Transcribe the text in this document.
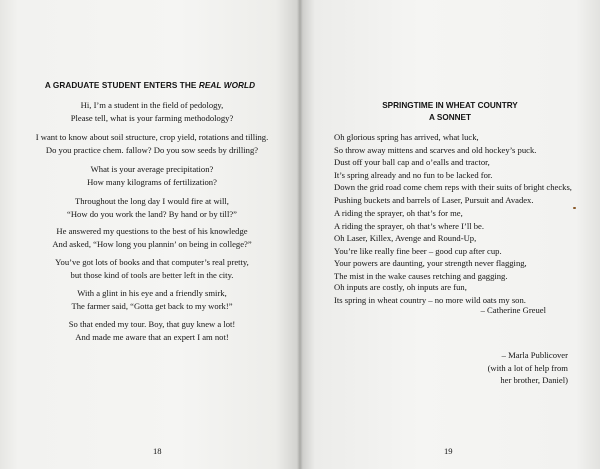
A GRADUATE STUDENT ENTERS THE REAL WORLD
Hi, I’m a student in the field of pedology,
Please tell, what is your farming methodology?
I want to know about soil structure, crop yield, rotations and tilling.
Do you practice chem. fallow? Do you sow seeds by drilling?
What is your average precipitation?
How many kilograms of fertilization?
Throughout the long day I would fire at will,
“How do you work the land? By hand or by till?”
He answered my questions to the best of his knowledge
And asked, “How long you plannin’ on being in college?”
You’ve got lots of books and that computer’s real pretty,
but those kind of tools are better left in the city.
With a glint in his eye and a friendly smirk,
The farmer said, “Gotta get back to my work!”
So that ended my tour. Boy, that guy knew a lot!
And made me aware that an expert I am not!
– Marla Publicover
(with a lot of help from
her brother, Daniel)
18
SPRINGTIME IN WHEAT COUNTRY
A SONNET
Oh glorious spring has arrived, what luck,
So throw away mittens and scarves and old hockey’s puck.
Dust off your ball cap and o’ealls and tractor,
It’s spring already and no fun to be lacked for.
Down the grid road come chem reps with their suits of bright checks,
Pushing buckets and barrels of Laser, Pursuit and Avadex.
A riding the sprayer, oh that’s for me,
A riding the sprayer, oh that’s where I’ll be.
Oh Laser, Killex, Avenge and Round-Up,
You’re like really fine beer – good cup after cup.
Your powers are daunting, your strength never flagging,
The mist in the wake causes retching and gagging.
Oh inputs are costly, oh inputs are fun,
Its spring in wheat country – no more wild oats my son.
– Catherine Greuel
19
